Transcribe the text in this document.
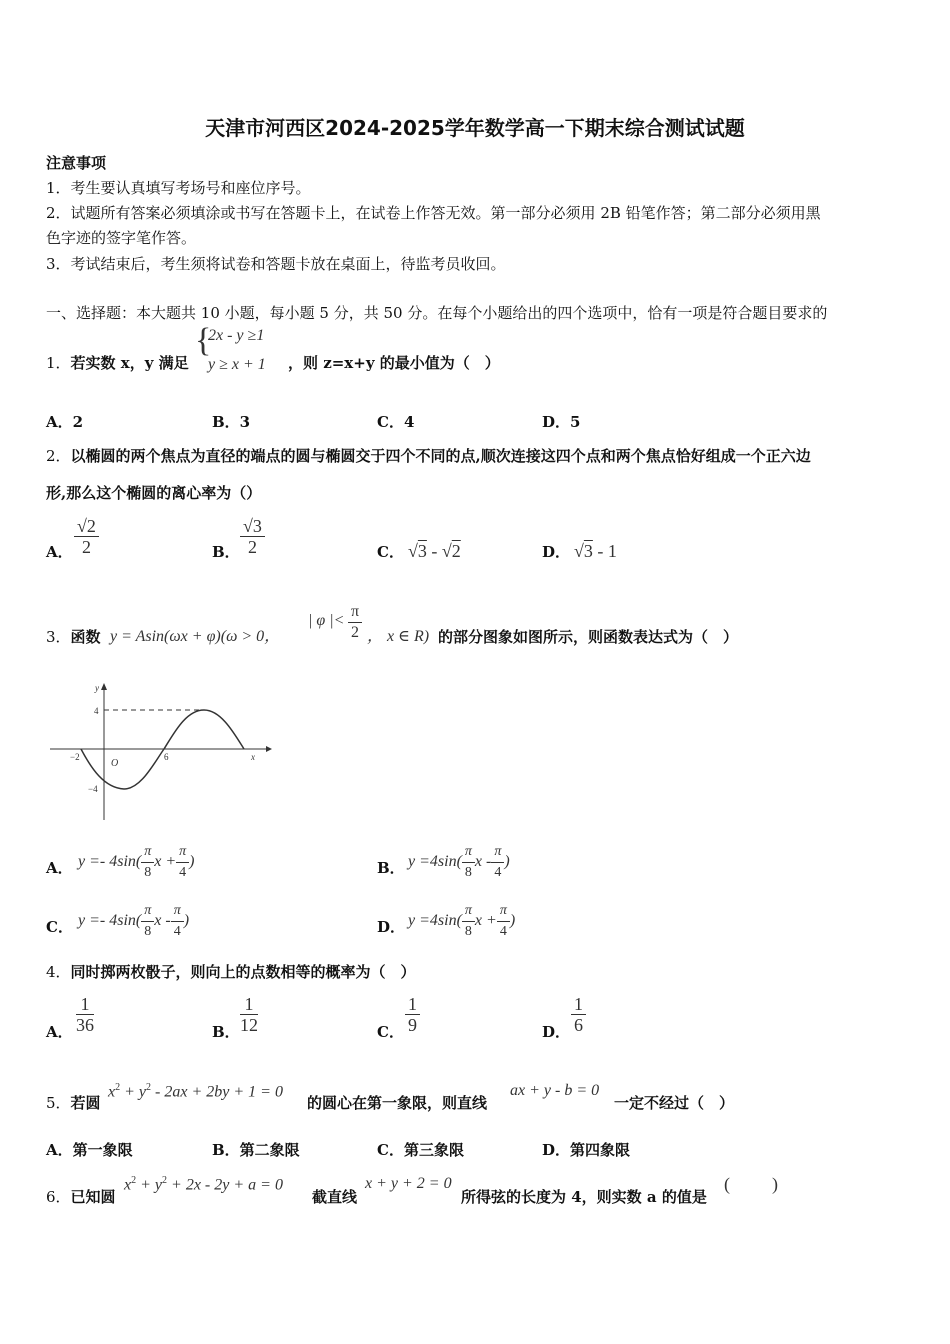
天津市河西区2024-2025学年数学高一下期末综合测试试题
注意事项
1．考生要认真填写考场号和座位序号。
2．试题所有答案必须填涂或书写在答题卡上，在试卷上作答无效。第一部分必须用 2B 铅笔作答；第二部分必须用黑
色字迹的签字笔作答。
3．考试结束后，考生须将试卷和答题卡放在桌面上，待监考员收回。
一、选择题：本大题共 10 小题，每小题 5 分，共 50 分。在每个小题给出的四个选项中，恰有一项是符合题目要求的
1．若实数 x，y 满足
{
2x - y ≥1
y ≥ x + 1 ，则 z=x+y 的最小值为（　）
A．2	B．3	C．4	D．5
2．以椭圆的两个焦点为直径的端点的圆与椭圆交于四个不同的点,顺次连接这四个点和两个焦点恰好组成一个正六边
形,那么这个椭圆的离心率为（）
A． $\frac{√2}{2}$	B． $\frac{√3}{2}$	C． √3 - √2	D． √3 - 1
3．函数 y = Asin(ωx + φ)(ω > 0，
| φ |< $\frac{\pi}{2}$ ， x ∈ R) 的部分图象如图所示，则函数表达式为（　）
y
x
O
4
−4
−2	6
A． $y =- 4\sin( \frac{\pi}{8}$ $x + \frac{\pi}{4}$ )	B． $y =4\sin( \frac{\pi}{8}$ x - $\frac{\pi}{4}$ )
C． $y =- 4\sin( \frac{\pi}{8}$ x - $\frac{\pi}{4}$ )	D． $y =4\sin( \frac{\pi}{8}$ $x + \frac{\pi}{4}$ )
4．同时掷两枚骰子，则向上的点数相等的概率为（　）
A． $\frac{1}{36}$	B． $\frac{1}{12}$	C． $\frac{1}{9}$	D． $\frac{1}{6}$
5．若圆
$x^2 + y^2 - 2ax + 2by + 1 = 0$
的圆心在第一象限，则直线
ax + y - b = 0
一定不经过（　）
A．第一象限	B．第二象限	C．第三象限	D．第四象限
6．已知圆
$x^2 + y^2 + 2x - 2y + a = 0$
截直线
x + y + 2 = 0
所得弦的长度为 4，则实数 a 的值是
( )
